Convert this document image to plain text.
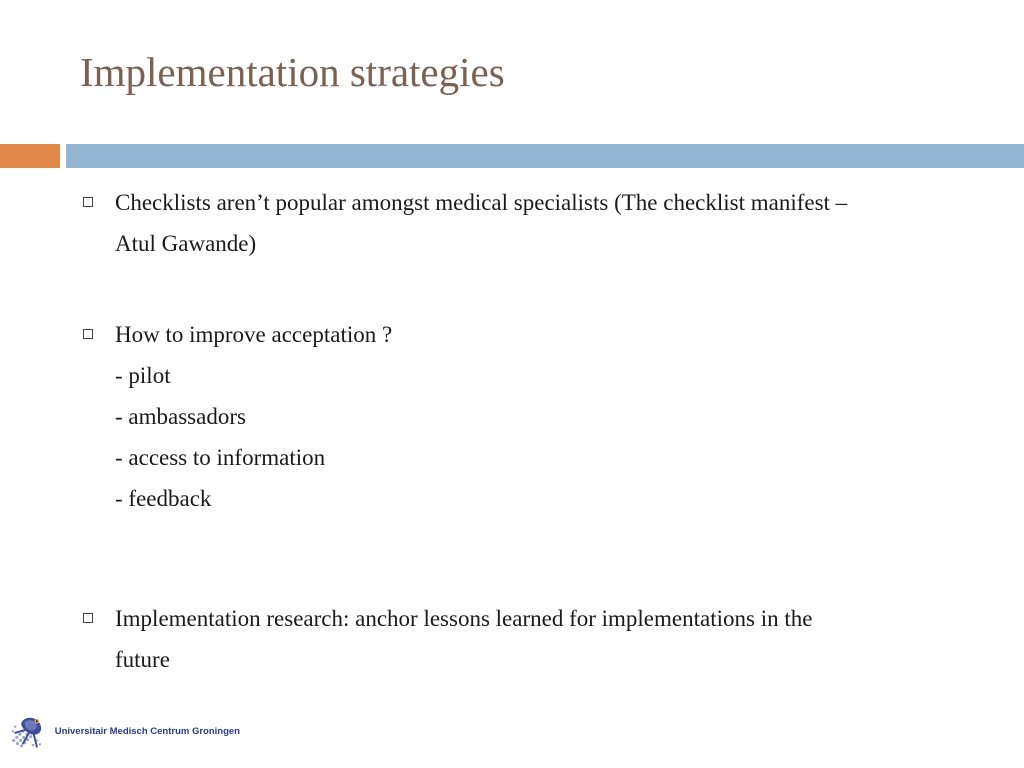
Implementation strategies
Checklists aren’t popular amongst medical specialists (The checklist manifest –
Atul Gawande)
How to improve acceptation ?
- pilot
- ambassadors
- access to information
- feedback
Implementation research: anchor lessons learned for implementations in the
future
Universitair Medisch Centrum Groningen
